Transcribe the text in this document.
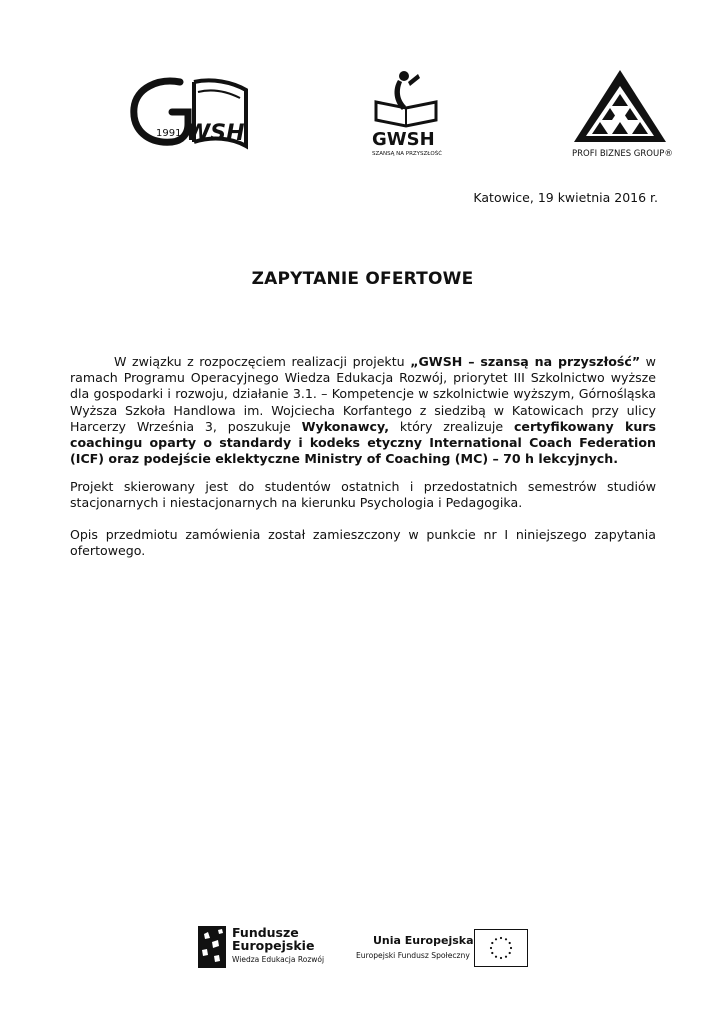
1991 WSH	GWSH
SZANSĄ NA PRZYSZŁOŚĆ	PROFI BIZNES GROUP®
Katowice, 19 kwietnia 2016 r.
ZAPYTANIE OFERTOWE
W związku z rozpoczęciem realizacji projektu „GWSH – szansą na przyszłość” w ramach Programu Operacyjnego Wiedza Edukacja Rozwój, priorytet III Szkolnictwo wyższe dla gospodarki i rozwoju, działanie 3.1. – Kompetencje w szkolnictwie wyższym, Górnośląska Wyższa Szkoła Handlowa im. Wojciecha Korfantego z siedzibą w Katowicach przy ulicy Harcerzy Września 3, poszukuje Wykonawcy, który zrealizuje certyfikowany kurs coachingu oparty o standardy i kodeks etyczny International Coach Federation (ICF) oraz podejście eklektyczne Ministry of Coaching (MC) – 70 h lekcyjnych.
Projekt skierowany jest do studentów ostatnich i przedostatnich semestrów studiów stacjonarnych i niestacjonarnych na kierunku Psychologia i Pedagogika.
Opis przedmiotu zamówienia został zamieszczony w punkcie nr I niniejszego zapytania ofertowego.
Fundusze
Europejskie
Wiedza Edukacja Rozwój
Unia Europejska
Europejski Fundusz Społeczny
